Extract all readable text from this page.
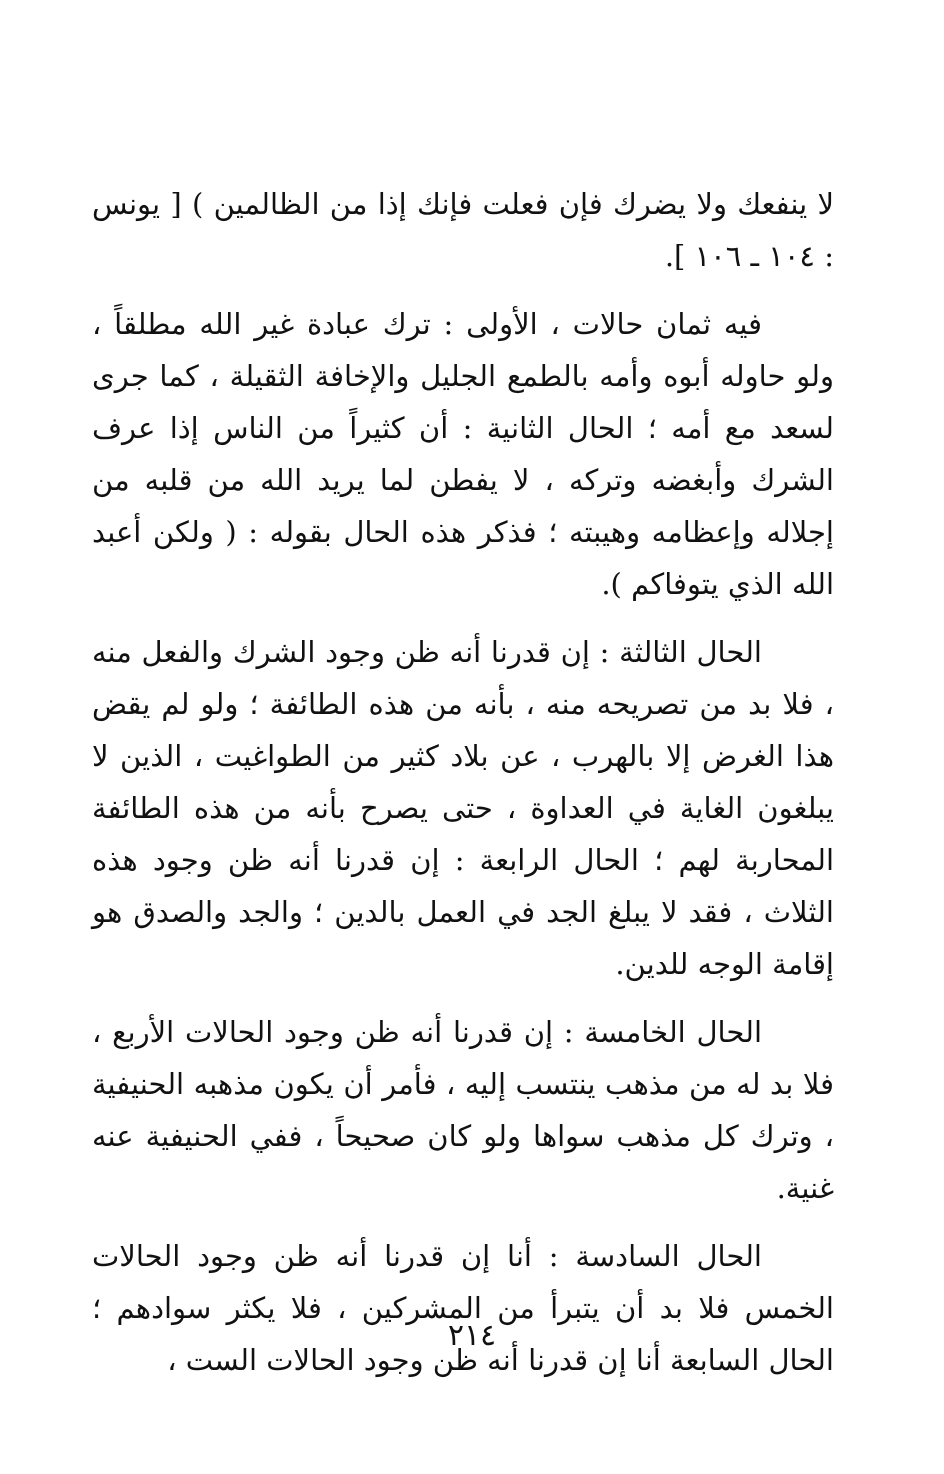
لا ينفعك ولا يضرك فإن فعلت فإنك إذا من الظالمين ) [ يونس : ١٠٤ ـ ١٠٦ ].

فيه ثمان حالات ، الأولى : ترك عبادة غير الله مطلقاً ، ولو حاوله أبوه وأمه بالطمع الجليل والإخافة الثقيلة ، كما جرى لسعد مع أمه ؛ الحال الثانية : أن كثيراً من الناس إذا عرف الشرك وأبغضه وتركه ، لا يفطن لما يريد الله من قلبه من إجلاله وإعظامه وهيبته ؛ فذكر هذه الحال بقوله : ( ولكن أعبد الله الذي يتوفاكم ).

الحال الثالثة : إن قدرنا أنه ظن وجود الشرك والفعل منه ، فلا بد من تصريحه منه ، بأنه من هذه الطائفة ؛ ولو لم يقض هذا الغرض إلا بالهرب ، عن بلاد كثير من الطواغيت ، الذين لا يبلغون الغاية في العداوة ، حتى يصرح بأنه من هذه الطائفة المحاربة لهم ؛ الحال الرابعة : إن قدرنا أنه ظن وجود هذه الثلاث ، فقد لا يبلغ الجد في العمل بالدين ؛ والجد والصدق هو إقامة الوجه للدين.

الحال الخامسة : إن قدرنا أنه ظن وجود الحالات الأربع ، فلا بد له من مذهب ينتسب إليه ، فأمر أن يكون مذهبه الحنيفية ، وترك كل مذهب سواها ولو كان صحيحاً ، ففي الحنيفية عنه غنية.

الحال السادسة : أنا إن قدرنا أنه ظن وجود الحالات الخمس فلا بد أن يتبرأ من المشركين ، فلا يكثر سوادهم ؛ الحال السابعة أنا إن قدرنا أنه ظن وجود الحالات الست ،

٢١٤
